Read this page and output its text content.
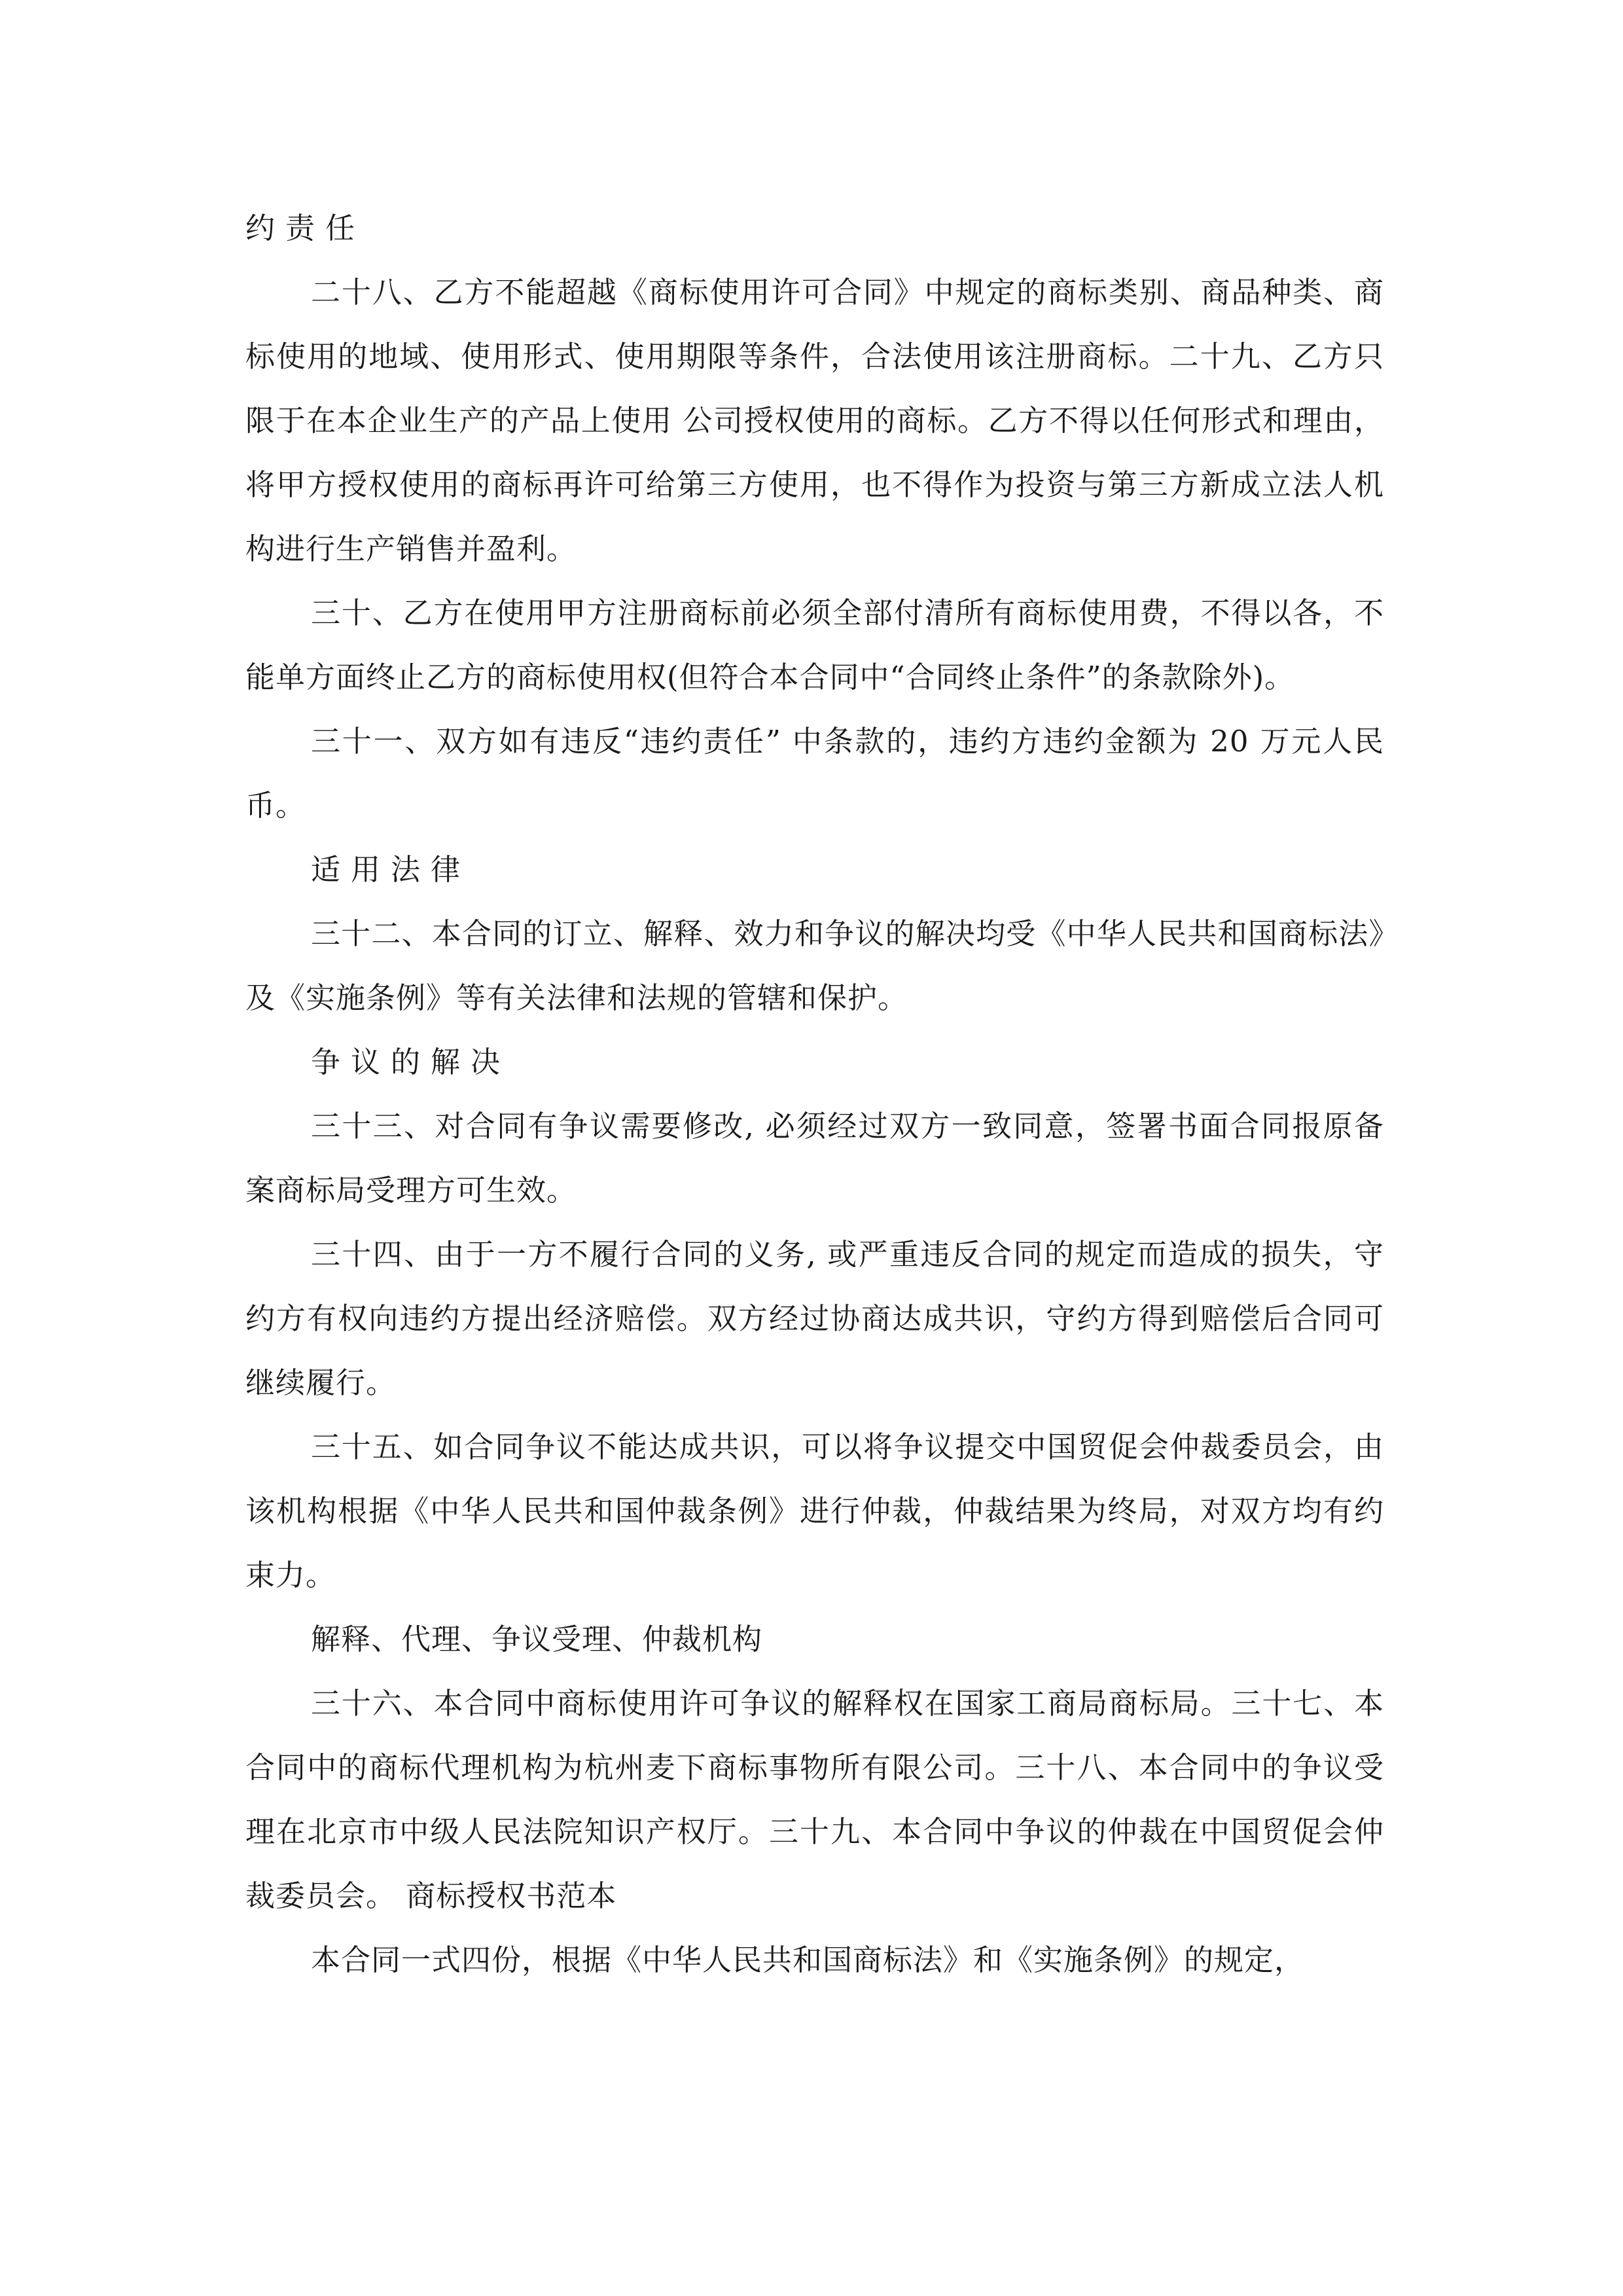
约责任

二十八、乙方不能超越《商标使用许可合同》中规定的商标类别、商品种类、商标使用的地域、使用形式、使用期限等条件，合法使用该注册商标。二十九、乙方只限于在本企业生产的产品上使用 公司授权使用的商标。乙方不得以任何形式和理由，将甲方授权使用的商标再许可给第三方使用，也不得作为投资与第三方新成立法人机构进行生产销售并盈利。

三十、乙方在使用甲方注册商标前必须全部付清所有商标使用费，不得以各，不能单方面终止乙方的商标使用权(但符合本合同中“合同终止条件”的条款除外)。

三十一、双方如有违反“违约责任” 中条款的，违约方违约金额为 20 万元人民币。

适用法律

三十二、本合同的订立、解释、效力和争议的解决均受《中华人民共和国商标法》及《实施条例》等有关法律和法规的管辖和保护。

争议的解决

三十三、对合同有争议需要修改, 必须经过双方一致同意，签署书面合同报原备案商标局受理方可生效。

三十四、由于一方不履行合同的义务, 或严重违反合同的规定而造成的损失，守约方有权向违约方提出经济赔偿。双方经过协商达成共识，守约方得到赔偿后合同可继续履行。

三十五、如合同争议不能达成共识，可以将争议提交中国贸促会仲裁委员会，由该机构根据《中华人民共和国仲裁条例》进行仲裁，仲裁结果为终局，对双方均有约束力。

解释、代理、争议受理、仲裁机构

三十六、本合同中商标使用许可争议的解释权在国家工商局商标局。三十七、本合同中的商标代理机构为杭州麦下商标事物所有限公司。三十八、本合同中的争议受理在北京市中级人民法院知识产权厅。三十九、本合同中争议的仲裁在中国贸促会仲裁委员会。 商标授权书范本

本合同一式四份，根据《中华人民共和国商标法》和《实施条例》的规定，
